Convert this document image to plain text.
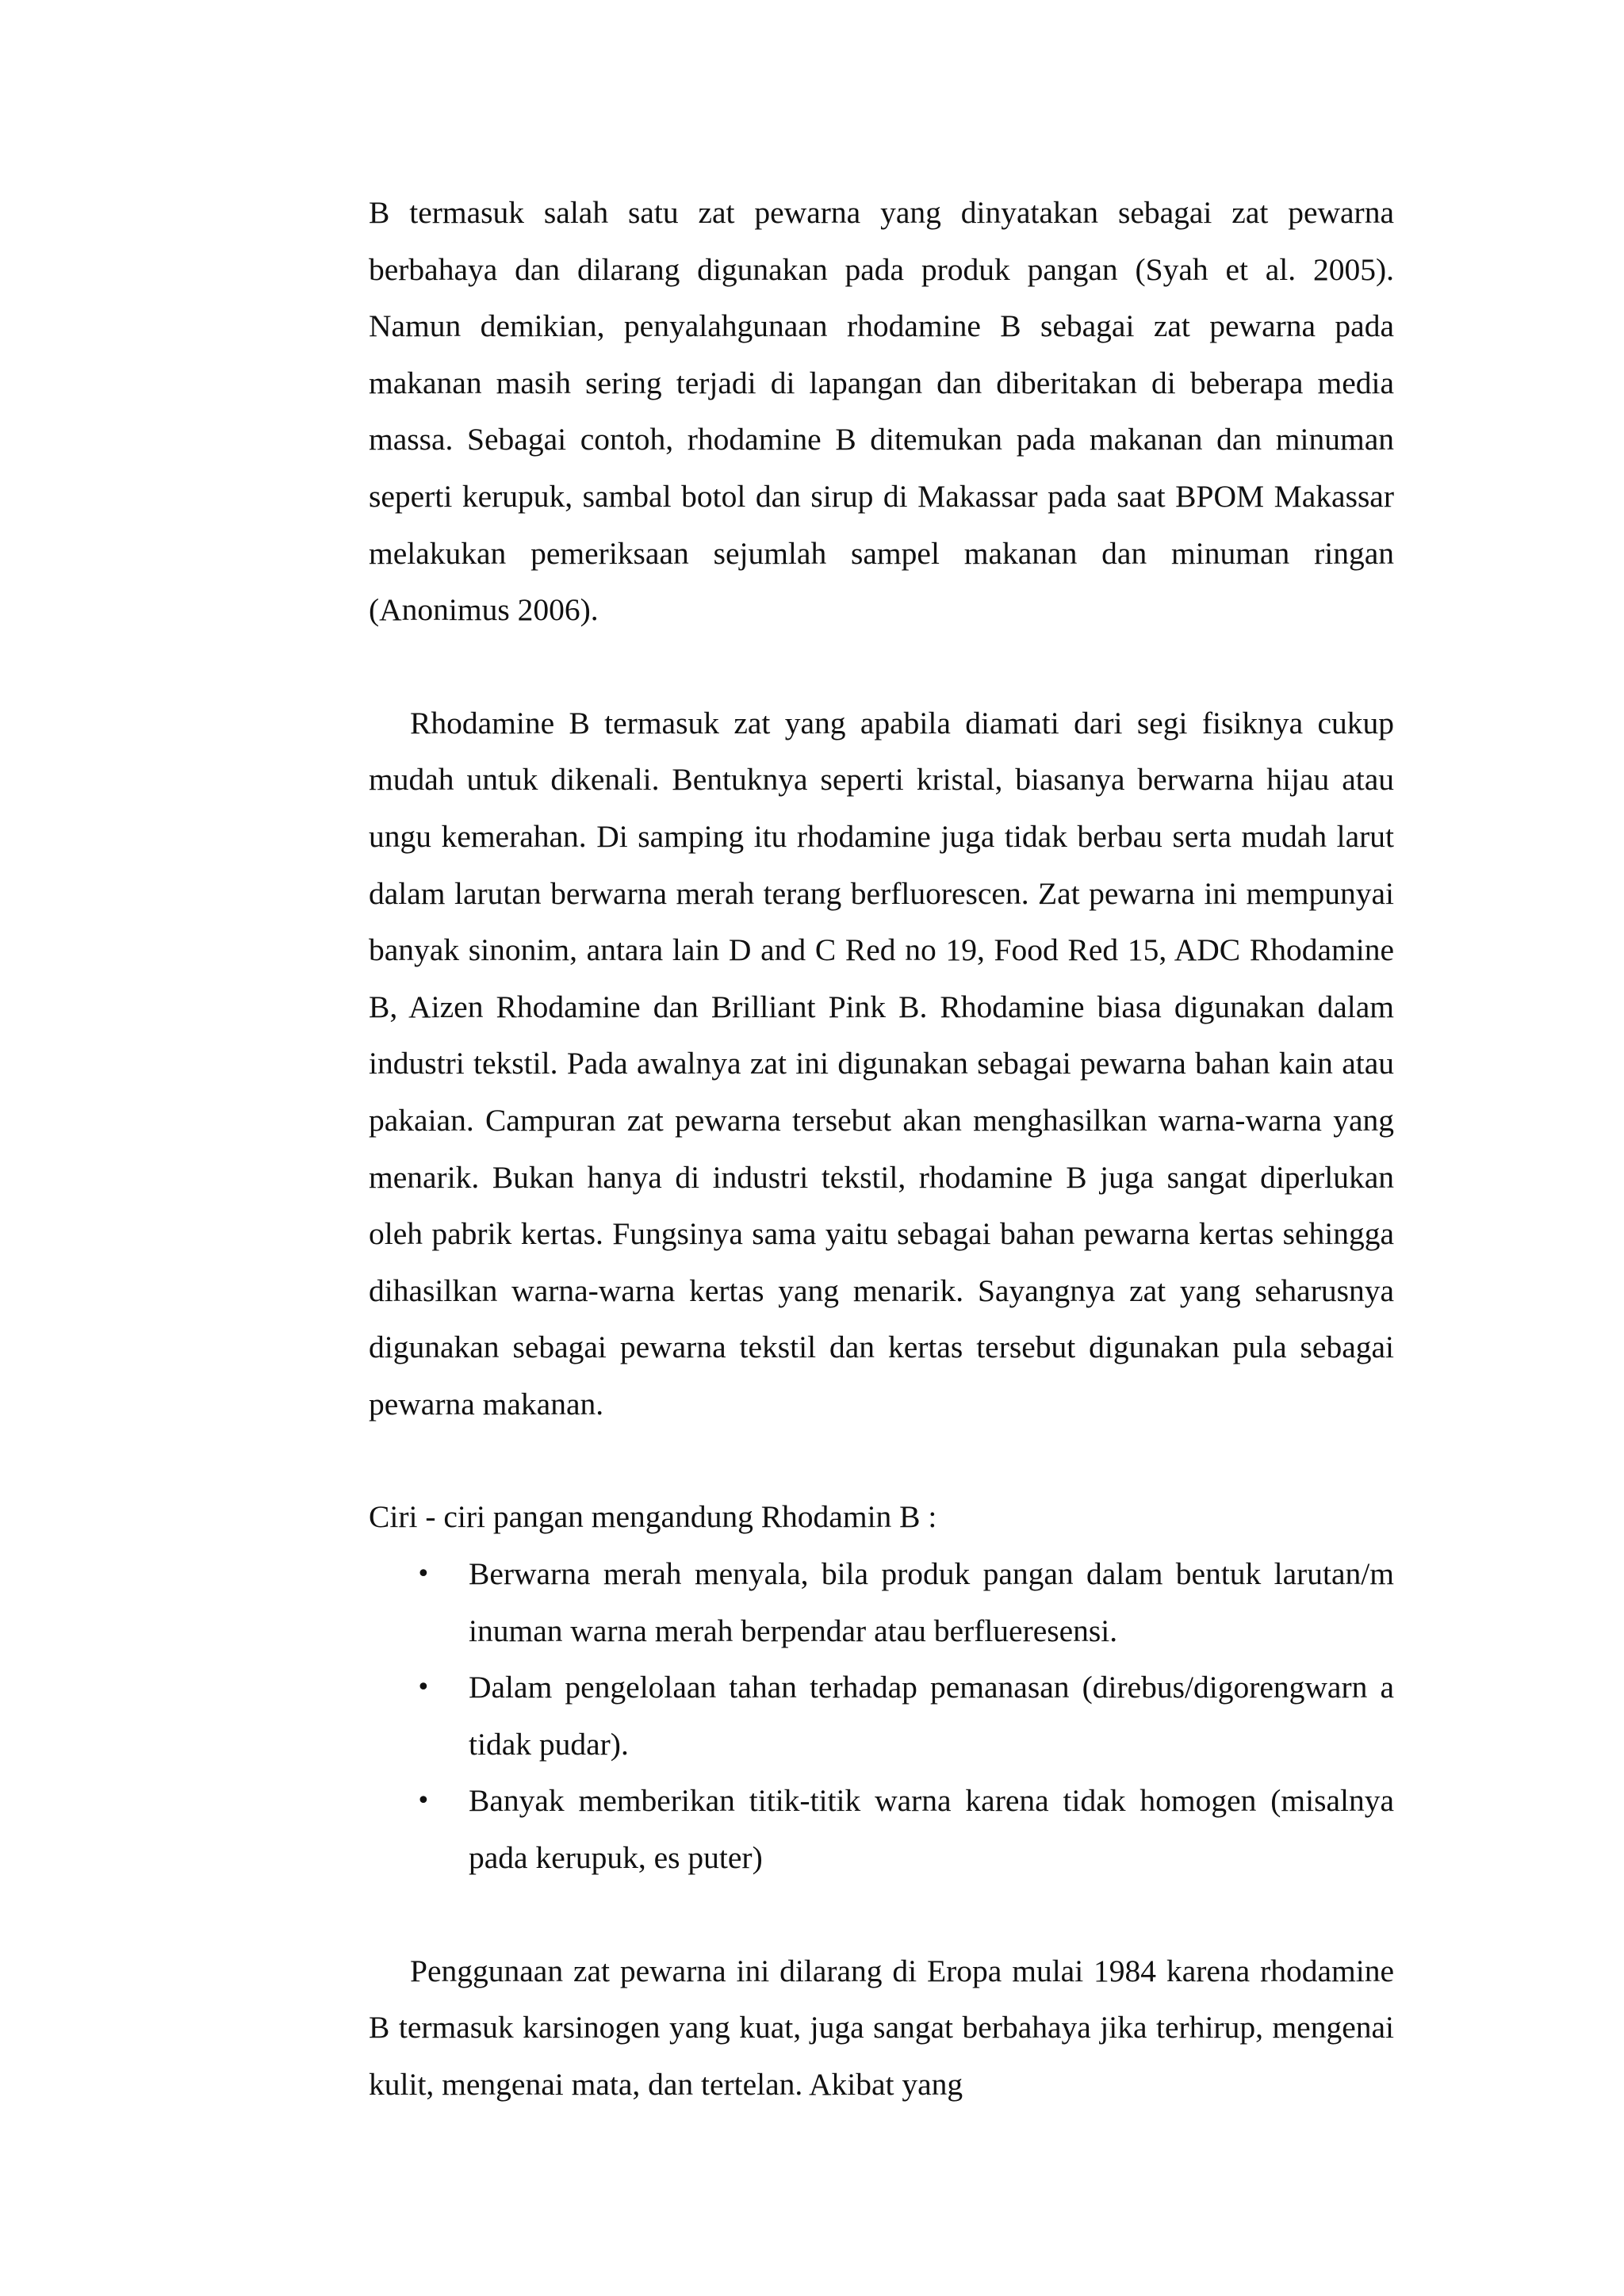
B termasuk salah satu zat pewarna yang dinyatakan sebagai zat pewarna berbahaya dan dilarang digunakan pada produk pangan (Syah et al. 2005). Namun demikian, penyalahgunaan rhodamine B sebagai zat pewarna pada makanan masih sering terjadi di lapangan dan diberitakan di beberapa media massa. Sebagai contoh, rhodamine B ditemukan pada makanan dan minuman seperti kerupuk, sambal botol dan sirup di Makassar pada saat BPOM Makassar melakukan pemeriksaan sejumlah sampel makanan dan minuman ringan (Anonimus 2006).

Rhodamine B termasuk zat yang apabila diamati dari segi fisiknya cukup mudah untuk dikenali. Bentuknya seperti kristal, biasanya berwarna hijau atau ungu kemerahan. Di samping itu rhodamine juga tidak berbau serta mudah larut dalam larutan berwarna merah terang berfluorescen. Zat pewarna ini mempunyai banyak sinonim, antara lain D and C Red no 19, Food Red 15, ADC Rhodamine B, Aizen Rhodamine dan Brilliant Pink B. Rhodamine biasa digunakan dalam industri tekstil. Pada awalnya zat ini digunakan sebagai pewarna bahan kain atau pakaian. Campuran zat pewarna tersebut akan menghasilkan warna-warna yang menarik. Bukan hanya di industri tekstil, rhodamine B juga sangat diperlukan oleh pabrik kertas. Fungsinya sama yaitu sebagai bahan pewarna kertas sehingga dihasilkan warna-warna kertas yang menarik. Sayangnya zat yang seharusnya digunakan sebagai pewarna tekstil dan kertas tersebut digunakan pula sebagai pewarna makanan.

Ciri - ciri pangan mengandung Rhodamin B :

• Berwarna merah menyala, bila produk pangan dalam bentuk larutan/m inuman warna merah berpendar atau berflueresensi.
• Dalam pengelolaan tahan terhadap pemanasan (direbus/digorengwarn a tidak pudar).
• Banyak memberikan titik-titik warna karena tidak homogen (misalnya pada kerupuk, es puter)

Penggunaan zat pewarna ini dilarang di Eropa mulai 1984 karena rhodamine B termasuk karsinogen yang kuat, juga sangat berbahaya jika terhirup, mengenai kulit, mengenai mata, dan tertelan. Akibat yang
